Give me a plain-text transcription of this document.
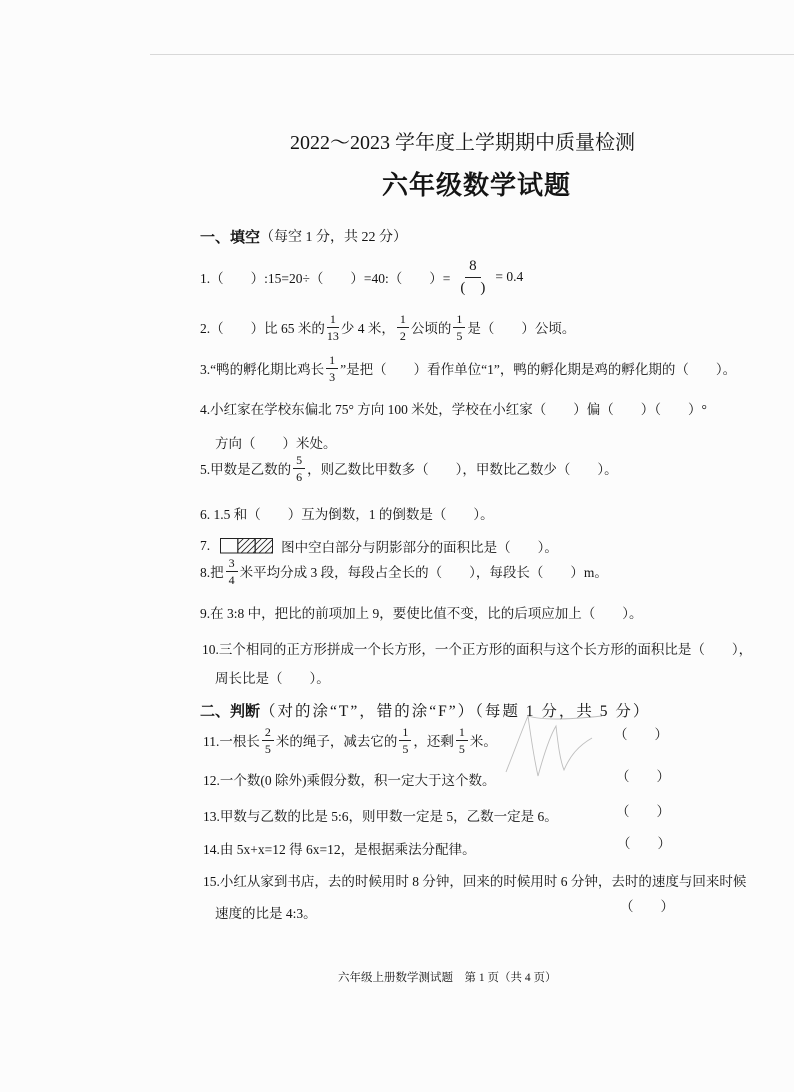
2022～2023 学年度上学期期中质量检测
六年级数学试题
一、填空 （每空 1 分，共 22 分）
1.（　　）:15=20÷（　　）=40:（　　）= $\frac{8}{( )} = 0.4$
2.（　　）比 65 米的 $\frac{1}{13}$ 少 4 米， $\frac{1}{2}$ 公顷的 $\frac{1}{5}$ 是（　　）公顷。
3.“鸭的孵化期比鸡长 $\frac{1}{3}$ ”是把（　　）看作单位“1”，鸭的孵化期是鸡的孵化期的（　　）。
4.小红家在学校东偏北 75° 方向 100 米处，学校在小红家（　　）偏（　　）（　　）°
方向（　　）米处。
5.甲数是乙数的 $\frac{5}{6}$ ，则乙数比甲数多（　　），甲数比乙数少（　　）。
6. 1.5 和（　　）互为倒数，1 的倒数是（　　）。
7.	图中空白部分与阴影部分的面积比是（　　）。
8.把 $\frac{3}{4}$ 米平均分成 3 段，每段占全长的（　　），每段长（　　）m。
9.在 3:8 中，把比的前项加上 9，要使比值不变，比的后项应加上（　　）。
10.三个相同的正方形拼成一个长方形，一个正方形的面积与这个长方形的面积比是（　　），
周长比是（　　）。
二、判断 （对的涂“T”，错的涂“F”）（每题 1 分，共 5 分）
11.一根长 $\frac{2}{5}$ 米的绳子，减去它的 $\frac{1}{5}$ ，还剩 $\frac{1}{5}$ 米。	（　　）
12.一个数(0 除外)乘假分数，积一定大于这个数。	（　　）
13.甲数与乙数的比是 5:6，则甲数一定是 5，乙数一定是 6。	（　　）
14.由 5x+x=12 得 6x=12，是根据乘法分配律。	（　　）
15.小红从家到书店，去的时候用时 8 分钟，回来的时候用时 6 分钟，去时的速度与回来时候
速度的比是 4:3。	（　　）
六年级上册数学测试题　第 1 页（共 4 页）
